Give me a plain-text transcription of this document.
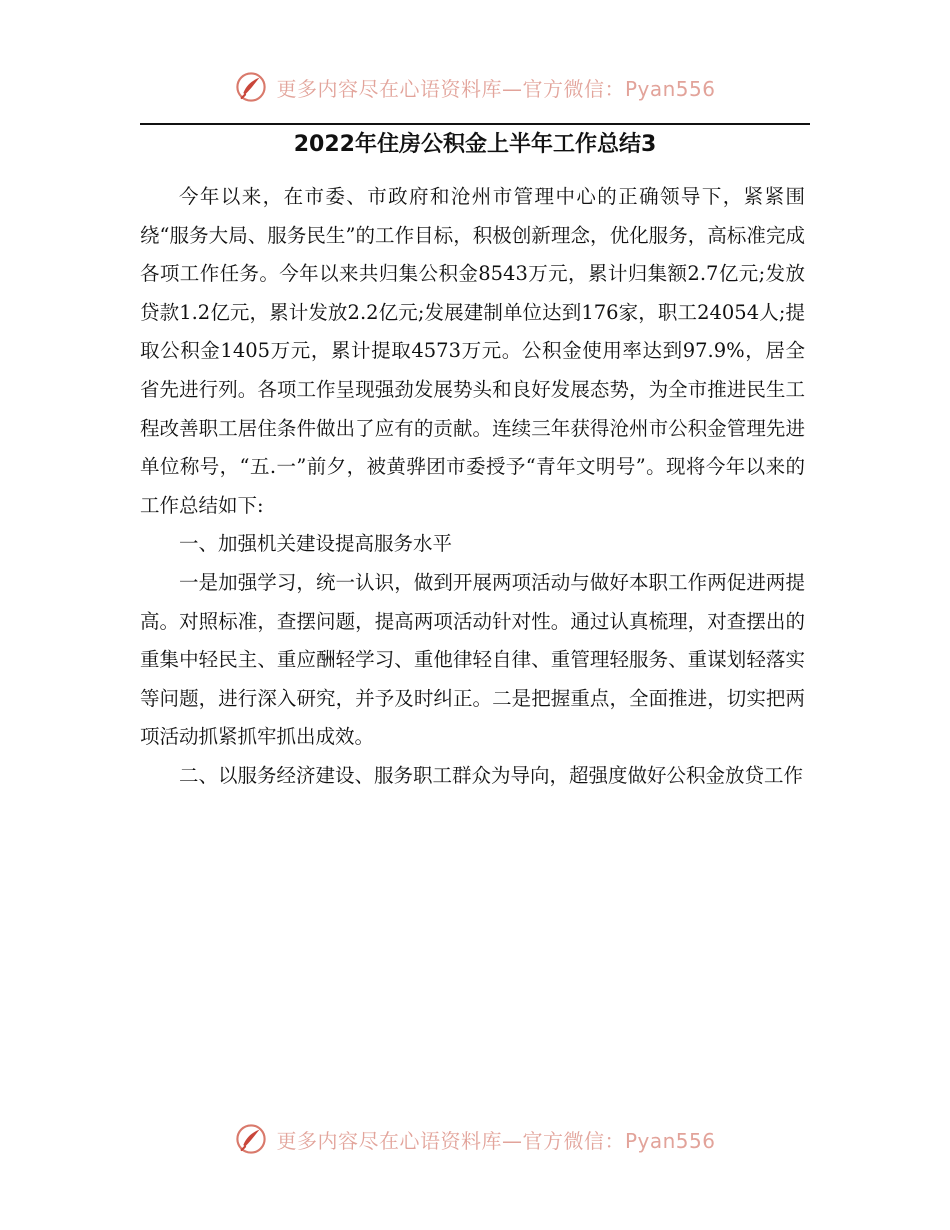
更多内容尽在心语资料库—官方微信：Pyan556
2022年住房公积金上半年工作总结3

今年以来，在市委、市政府和沧州市管理中心的正确领导下，紧紧围绕“服务大局、服务民生”的工作目标，积极创新理念，优化服务，高标准完成各项工作任务。今年以来共归集公积金8543万元，累计归集额2.7亿元;发放贷款1.2亿元，累计发放2.2亿元;发展建制单位达到176家，职工24054人;提取公积金1405万元，累计提取4573万元。公积金使用率达到97.9%，居全省先进行列。各项工作呈现强劲发展势头和良好发展态势，为全市推进民生工程改善职工居住条件做出了应有的贡献。连续三年获得沧州市公积金管理先进单位称号，“五.一”前夕，被黄骅团市委授予“青年文明号”。现将今年以来的工作总结如下:

一、加强机关建设提高服务水平

一是加强学习，统一认识，做到开展两项活动与做好本职工作两促进两提高。对照标准，查摆问题，提高两项活动针对性。通过认真梳理，对查摆出的重集中轻民主、重应酬轻学习、重他律轻自律、重管理轻服务、重谋划轻落实等问题，进行深入研究，并予及时纠正。二是把握重点，全面推进，切实把两项活动抓紧抓牢抓出成效。

二、以服务经济建设、服务职工群众为导向，超强度做好公积金放贷工作

更多内容尽在心语资料库—官方微信：Pyan556
